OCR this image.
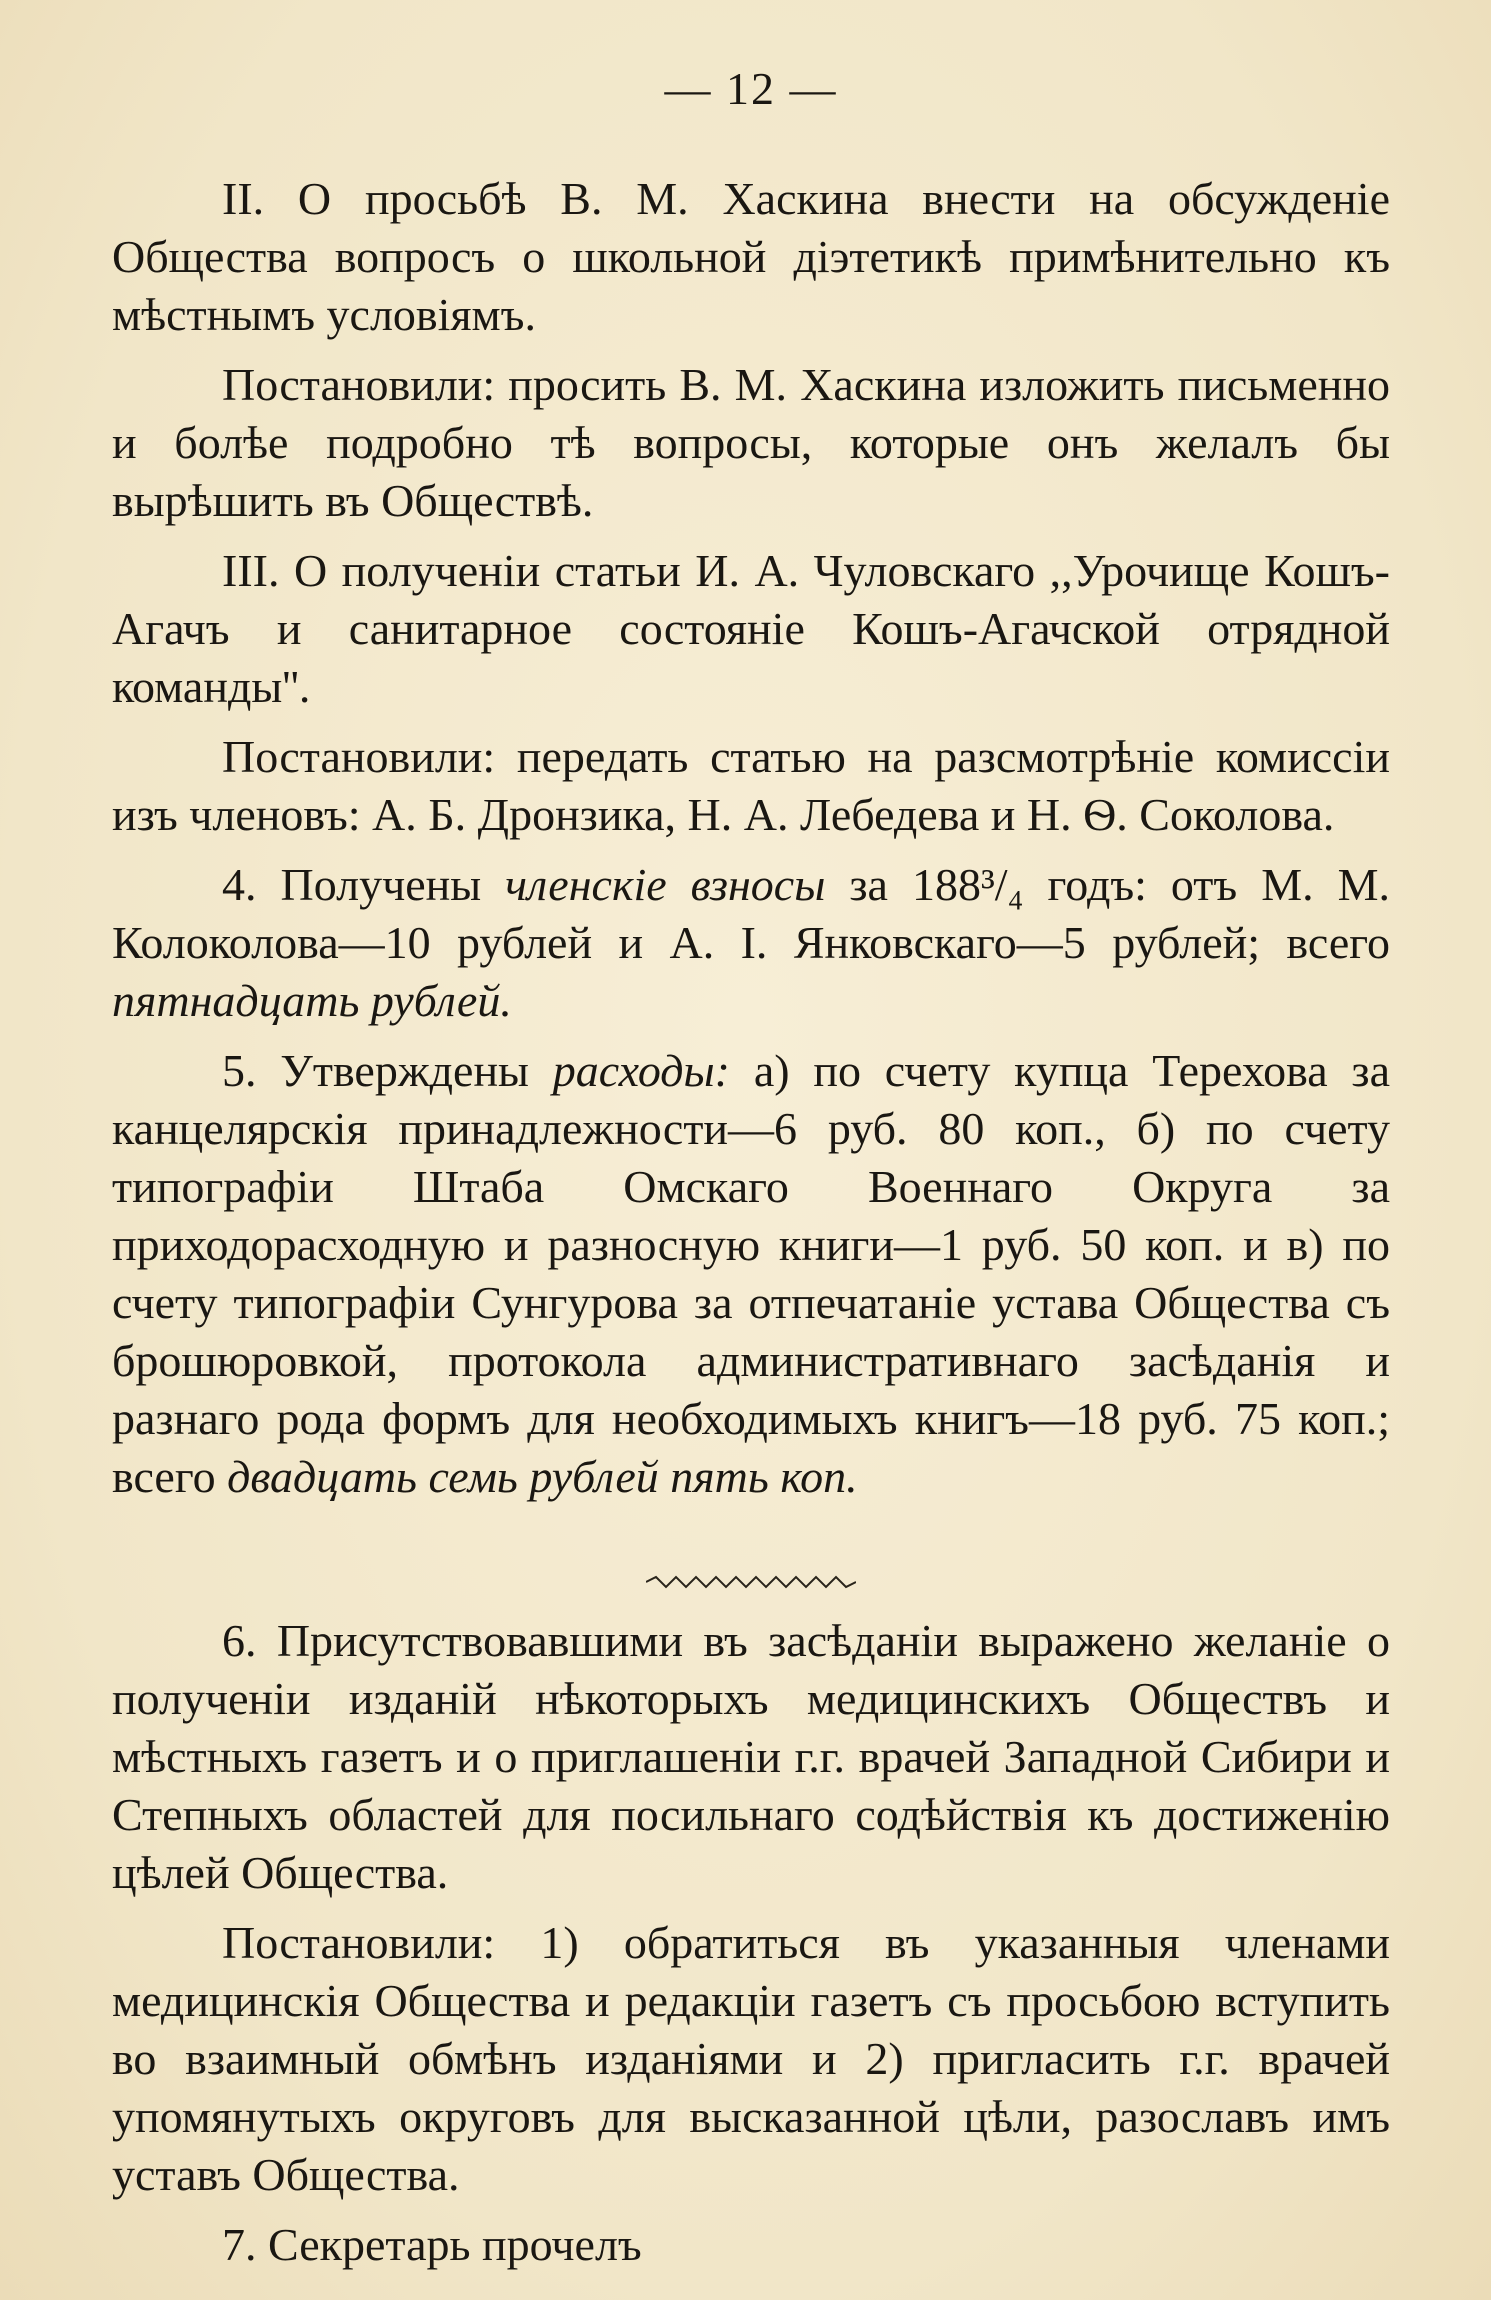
— 12 —

II. О просьбѣ В. М. Хаскина внести на обсужденіе Общества вопросъ о школьной діэтетикѣ примѣнительно къ мѣстнымъ условіямъ.

Постановили: просить В. М. Хаскина изложить письменно и болѣе подробно тѣ вопросы, которые онъ желалъ бы вырѣшить въ Обществѣ.

III. О полученіи статьи И. А. Чуловскаго ,,Урочище Кошъ-Агачъ и санитарное состояніе Кошъ-Агачской отрядной команды''.

Постановили: передать статью на разсмотрѣніе комиссіи изъ членовъ: А. Б. Дронзика, Н. А. Лебедева и Н. Ѳ. Соколова.

4. Получены членскіе взносы за 188³/₄ годъ: отъ М. М. Колоколова—10 рублей и А. І. Янковскаго—5 рублей; всего пятнадцать рублей.

5. Утверждены расходы: а) по счету купца Терехова за канцелярскія принадлежности—6 руб. 80 коп., б) по счету типографіи Штаба Омскаго Военнаго Округа за приходорасходную и разносную книги—1 руб. 50 коп. и в) по счету типографіи Сунгурова за отпечатаніе устава Общества съ брошюровкой, протокола административнаго засѣданія и разнаго рода формъ для необходимыхъ книгъ—18 руб. 75 коп.; всего двадцать семь рублей пять коп.

6. Присутствовавшими въ засѣданіи выражено желаніе о полученіи изданій нѣкоторыхъ медицинскихъ Обществъ и мѣстныхъ газетъ и о приглашеніи г.г. врачей Западной Сибири и Степныхъ областей для посильнаго содѣйствія къ достиженію цѣлей Общества.

Постановили: 1) обратиться въ указанныя членами медицинскія Общества и редакціи газетъ съ просьбою вступить во взаимный обмѣнъ изданіями и 2) пригласить г.г. врачей упомянутыхъ округовъ для высказанной цѣли, разославъ имъ уставъ Общества.

7. Секретарь прочелъ
